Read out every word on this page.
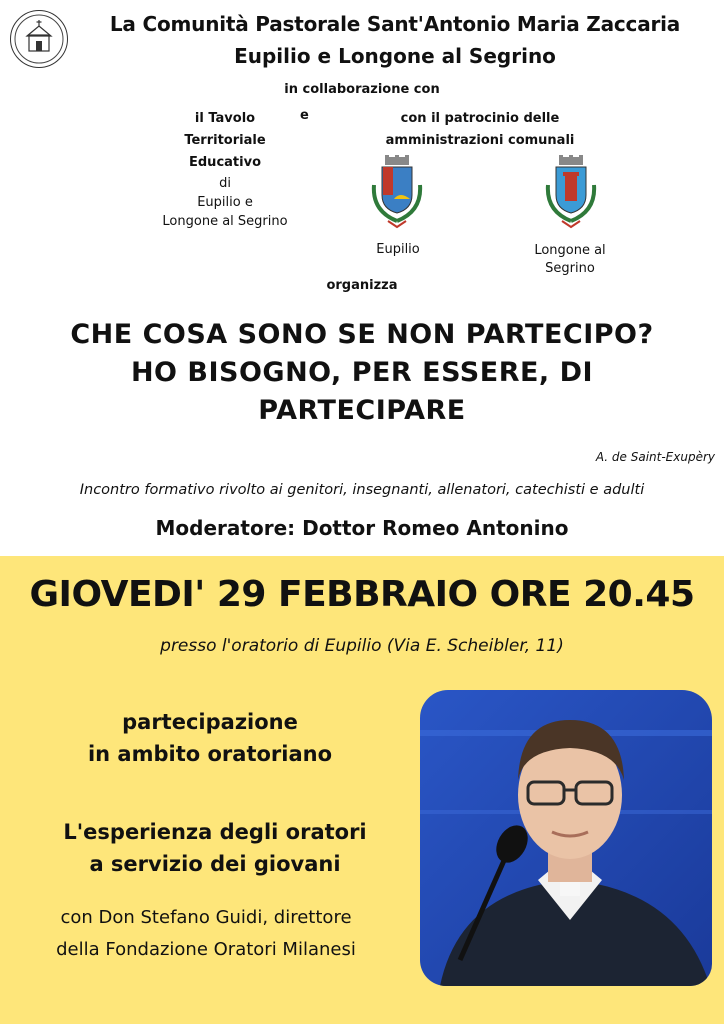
La Comunità Pastorale Sant'Antonio Maria Zaccaria
Eupilio e Longone al Segrino
in collaborazione con
il Tavolo
Territoriale
Educativo
di
Eupilio e
Longone al Segrino
e	con il patrocinio delle
amministrazioni comunali
Eupilio	Longone al
Segrino
organizza
CHE COSA SONO SE NON PARTECIPO?
HO BISOGNO, PER ESSERE, DI
PARTECIPARE
A. de Saint-Exupèry
Incontro formativo rivolto ai genitori, insegnanti, allenatori, catechisti e adulti
Moderatore: Dottor Romeo Antonino
GIOVEDI' 29 FEBBRAIO ORE 20.45
presso l'oratorio di Eupilio (Via E. Scheibler, 11)
partecipazione
in ambito oratoriano
L'esperienza degli oratori
a servizio dei giovani
con Don Stefano Guidi, direttore
della Fondazione Oratori Milanesi
